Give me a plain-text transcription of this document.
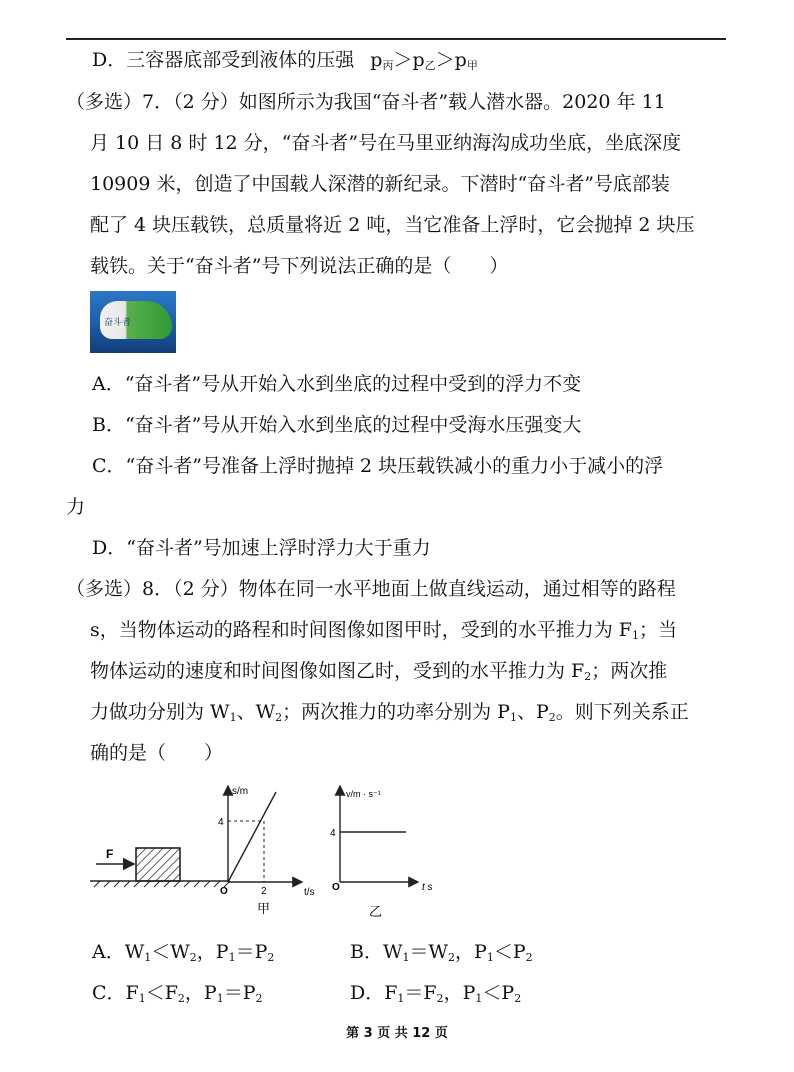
D．三容器底部受到液体的压强 $p_丙>p_乙>p_甲$
（多选）7．（2 分）如图所示为我国“奋斗者”载人潜水器。2020 年 11
月 10 日 8 时 12 分，“奋斗者”号在马里亚纳海沟成功坐底，坐底深度
10909 米，创造了中国载人深潜的新纪录。下潜时“奋斗者”号底部装
配了 4 块压载铁，总质量将近 2 吨，当它准备上浮时，它会抛掉 2 块压
载铁。关于“奋斗者”号下列说法正确的是（　　）
奋斗者
A．“奋斗者”号从开始入水到坐底的过程中受到的浮力不变
B．“奋斗者”号从开始入水到坐底的过程中受海水压强变大
C．“奋斗者”号准备上浮时抛掉 2 块压载铁减小的重力小于减小的浮
力
D．“奋斗者”号加速上浮时浮力大于重力
（多选）8．（2 分）物体在同一水平地面上做直线运动，通过相等的路程
s，当物体运动的路程和时间图像如图甲时，受到的水平推力为 $F_1$；当
物体运动的速度和时间图像如图乙时，受到的水平推力为 $F_2$；两次推
力做功分别为 $W_1$、$W_2$；两次推力的功率分别为 $P_1$、$P_2$。则下列关系正
确的是（　　）
F
s/m
4
O	2	t/s
甲
v/m · s⁻¹
4
O	t s
乙
A．$W_1<W_2$，$P_1=P_2$	B．$W_1=W_2$，$P_1<P_2$
C．$F_1<F_2$，$P_1=P_2$	D．$F_1=F_2$，$P_1<P_2$
第 3 页 共 12 页
